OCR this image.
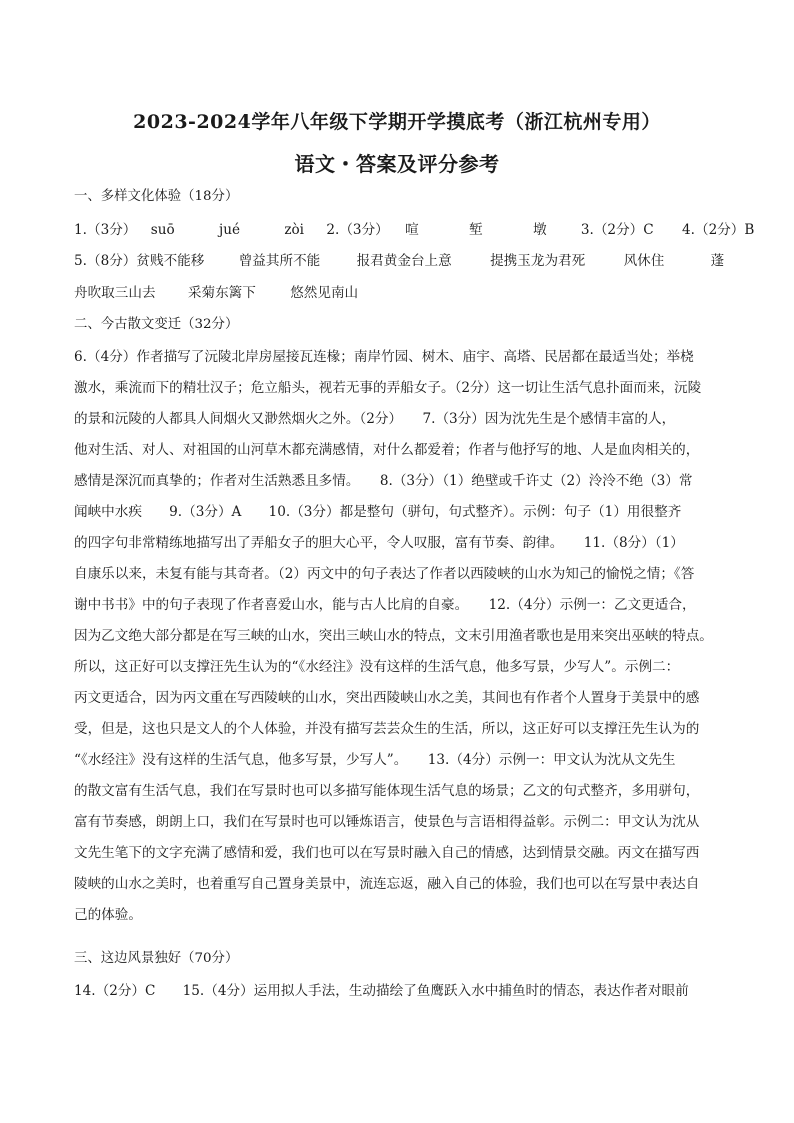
2023-2024学年八年级下学期开学摸底考（浙江杭州专用）
语文・答案及评分参考
一、多样文化体验（18分）
1.（3分） suō	jué	zòi 2.（3分） 喧	堑	墩	3.（2分）C 4.（2分）B
5.（8分）贫贱不能移	曾益其所不能	报君黄金台上意	提携玉龙为君死	风休住	蓬
舟吹取三山去 采菊东篱下	悠然见南山
二、今古散文变迁（32分）
6.（4分）作者描写了沅陵北岸房屋接瓦连椽；南岸竹园、树木、庙宇、高塔、民居都在最适当处；举桡
激水，乘流而下的精壮汉子；危立船头，视若无事的弄船女子。（2分）这一切让生活气息扑面而来，沅陵
的景和沅陵的人都具人间烟火又渺然烟火之外。（2分）　　7.（3分）因为沈先生是个感情丰富的人，
他对生活、对人、对祖国的山河草木都充满感情，对什么都爱着；作者与他抒写的地、人是血肉相关的，
感情是深沉而真挚的；作者对生活熟悉且多情。　　8.（3分）（1）绝壁或千许丈（2）泠泠不绝（3）常
闻峡中水疾　　9.（3分）A　　10.（3分）都是整句（骈句，句式整齐）。示例：句子（1）用很整齐
的四字句非常精练地描写出了弄船女子的胆大心平，令人叹服，富有节奏、韵律。　　11.（8分）（1）
自康乐以来，未复有能与其奇者。（2）丙文中的句子表达了作者以西陵峡的山水为知己的愉悦之情；《答
谢中书书》中的句子表现了作者喜爱山水，能与古人比肩的自豪。　　12.（4分）示例一：乙文更适合，
因为乙文绝大部分都是在写三峡的山水，突出三峡山水的特点，文末引用渔者歌也是用来突出巫峡的特点。
所以，这正好可以支撑汪先生认为的“《水经注》没有这样的生活气息，他多写景，少写人”。示例二：
丙文更适合，因为丙文重在写西陵峡的山水，突出西陵峡山水之美，其间也有作者个人置身于美景中的感
受，但是，这也只是文人的个人体验，并没有描写芸芸众生的生活，所以，这正好可以支撑汪先生认为的
“《水经注》没有这样的生活气息，他多写景，少写人”。　　13.（4分）示例一：甲文认为沈从文先生
的散文富有生活气息，我们在写景时也可以多描写能体现生活气息的场景；乙文的句式整齐，多用骈句，
富有节奏感，朗朗上口，我们在写景时也可以锤炼语言，使景色与言语相得益彰。示例二：甲文认为沈从
文先生笔下的文字充满了感情和爱，我们也可以在写景时融入自己的情感，达到情景交融。丙文在描写西
陵峡的山水之美时，也着重写自己置身美景中，流连忘返，融入自己的体验，我们也可以在写景中表达自
己的体验。
三、这边风景独好（70分）
14.（2分）C　　15.（4分）运用拟人手法，生动描绘了鱼鹰跃入水中捕鱼时的情态，表达作者对眼前
